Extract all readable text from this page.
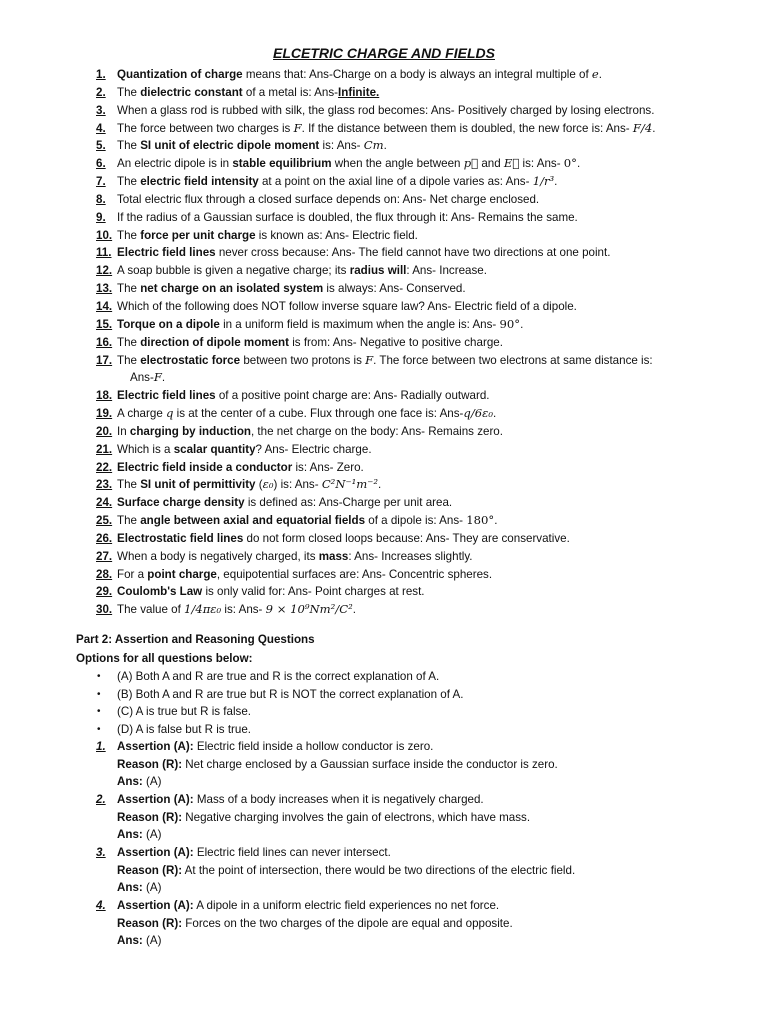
ELCETRIC CHARGE AND FIELDS
1. Quantization of charge means that: Ans-Charge on a body is always an integral multiple of e.
2. The dielectric constant of a metal is: Ans-Infinite.
3. When a glass rod is rubbed with silk, the glass rod becomes: Ans- Positively charged by losing electrons.
4. The force between two charges is F. If the distance between them is doubled, the new force is: Ans- F/4.
5. The SI unit of electric dipole moment is: Ans- Cm.
6. An electric dipole is in stable equilibrium when the angle between p⃗ and E⃗ is: Ans- 0°.
7. The electric field intensity at a point on the axial line of a dipole varies as: Ans- 1/r³.
8. Total electric flux through a closed surface depends on: Ans- Net charge enclosed.
9. If the radius of a Gaussian surface is doubled, the flux through it: Ans- Remains the same.
10. The force per unit charge is known as: Ans- Electric field.
11. Electric field lines never cross because: Ans- The field cannot have two directions at one point.
12. A soap bubble is given a negative charge; its radius will: Ans- Increase.
13. The net charge on an isolated system is always: Ans- Conserved.
14. Which of the following does NOT follow inverse square law? Ans- Electric field of a dipole.
15. Torque on a dipole in a uniform field is maximum when the angle is: Ans- 90°.
16. The direction of dipole moment is from: Ans- Negative to positive charge.
17. The electrostatic force between two protons is F. The force between two electrons at same distance is:
Ans-F.
18. Electric field lines of a positive point charge are: Ans- Radially outward.
19. A charge q is at the center of a cube. Flux through one face is: Ans-q/6ε₀.
20. In charging by induction, the net charge on the body: Ans- Remains zero.
21. Which is a scalar quantity? Ans- Electric charge.
22. Electric field inside a conductor is: Ans- Zero.
23. The SI unit of permittivity (ε₀) is: Ans- C²N⁻¹m⁻².
24. Surface charge density is defined as: Ans-Charge per unit area.
25. The angle between axial and equatorial fields of a dipole is: Ans- 180°.
26. Electrostatic field lines do not form closed loops because: Ans- They are conservative.
27. When a body is negatively charged, its mass: Ans- Increases slightly.
28. For a point charge, equipotential surfaces are: Ans- Concentric spheres.
29. Coulomb's Law is only valid for: Ans- Point charges at rest.
30. The value of 1/4πε₀ is: Ans- 9 × 10⁹Nm²/C².
Part 2: Assertion and Reasoning Questions
Options for all questions below:
•	(A) Both A and R are true and R is the correct explanation of A.
•	(B) Both A and R are true but R is NOT the correct explanation of A.
•	(C) A is true but R is false.
•	(D) A is false but R is true.
1. Assertion (A): Electric field inside a hollow conductor is zero.
Reason (R): Net charge enclosed by a Gaussian surface inside the conductor is zero.
Ans: (A)
2. Assertion (A): Mass of a body increases when it is negatively charged.
Reason (R): Negative charging involves the gain of electrons, which have mass.
Ans: (A)
3. Assertion (A): Electric field lines can never intersect.
Reason (R): At the point of intersection, there would be two directions of the electric field.
Ans: (A)
4. Assertion (A): A dipole in a uniform electric field experiences no net force.
Reason (R): Forces on the two charges of the dipole are equal and opposite.
Ans: (A)
